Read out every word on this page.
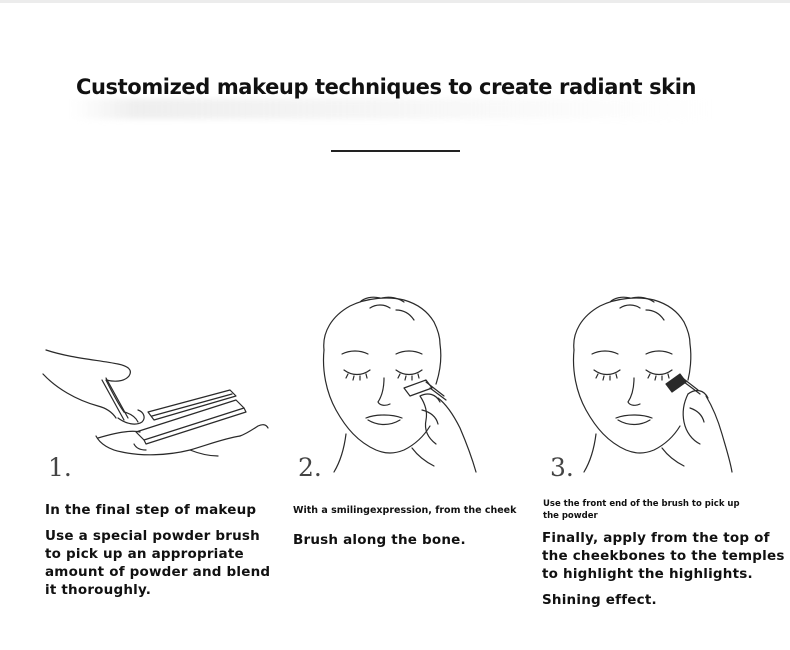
Customized makeup techniques to create radiant skin
1.	2.	3.
In the final step of makeup
Use a special powder brush
to pick up an appropriate
amount of powder and blend
it thoroughly.
With a smilingexpression, from the cheek
Brush along the bone.
Use the front end of the brush to pick up
the powder
Finally, apply from the top of
the cheekbones to the temples
to highlight the highlights.
Shining effect.
